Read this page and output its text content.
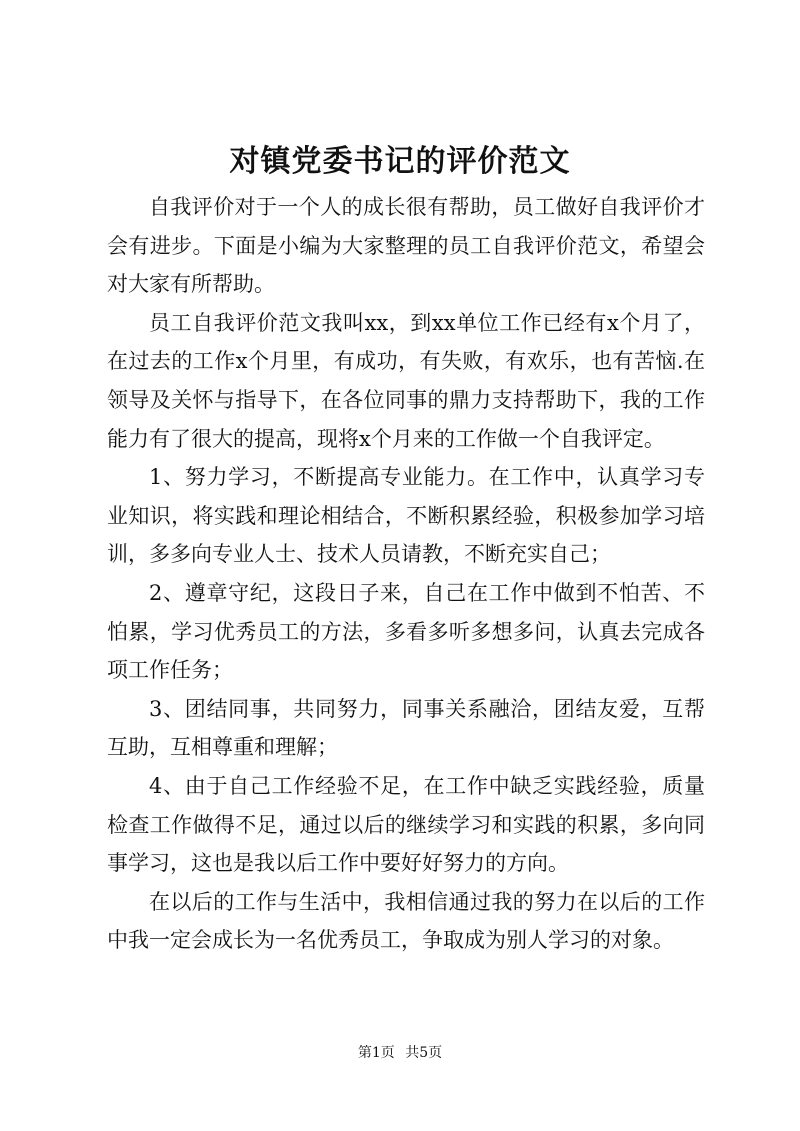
对镇党委书记的评价范文

自我评价对于一个人的成长很有帮助，员工做好自我评价才会有进步。下面是小编为大家整理的员工自我评价范文，希望会对大家有所帮助。

员工自我评价范文我叫xx，到xx单位工作已经有x个月了，在过去的工作x个月里，有成功，有失败，有欢乐，也有苦恼.在领导及关怀与指导下，在各位同事的鼎力支持帮助下，我的工作能力有了很大的提高，现将x个月来的工作做一个自我评定。

1、努力学习，不断提高专业能力。在工作中，认真学习专业知识，将实践和理论相结合，不断积累经验，积极参加学习培训，多多向专业人士、技术人员请教，不断充实自己；

2、遵章守纪，这段日子来，自己在工作中做到不怕苦、不怕累，学习优秀员工的方法，多看多听多想多问，认真去完成各项工作任务；

3、团结同事，共同努力，同事关系融洽，团结友爱，互帮互助，互相尊重和理解；

4、由于自己工作经验不足，在工作中缺乏实践经验，质量检查工作做得不足，通过以后的继续学习和实践的积累，多向同事学习，这也是我以后工作中要好好努力的方向。

在以后的工作与生活中，我相信通过我的努力在以后的工作中我一定会成长为一名优秀员工，争取成为别人学习的对象。

第1页 共5页
